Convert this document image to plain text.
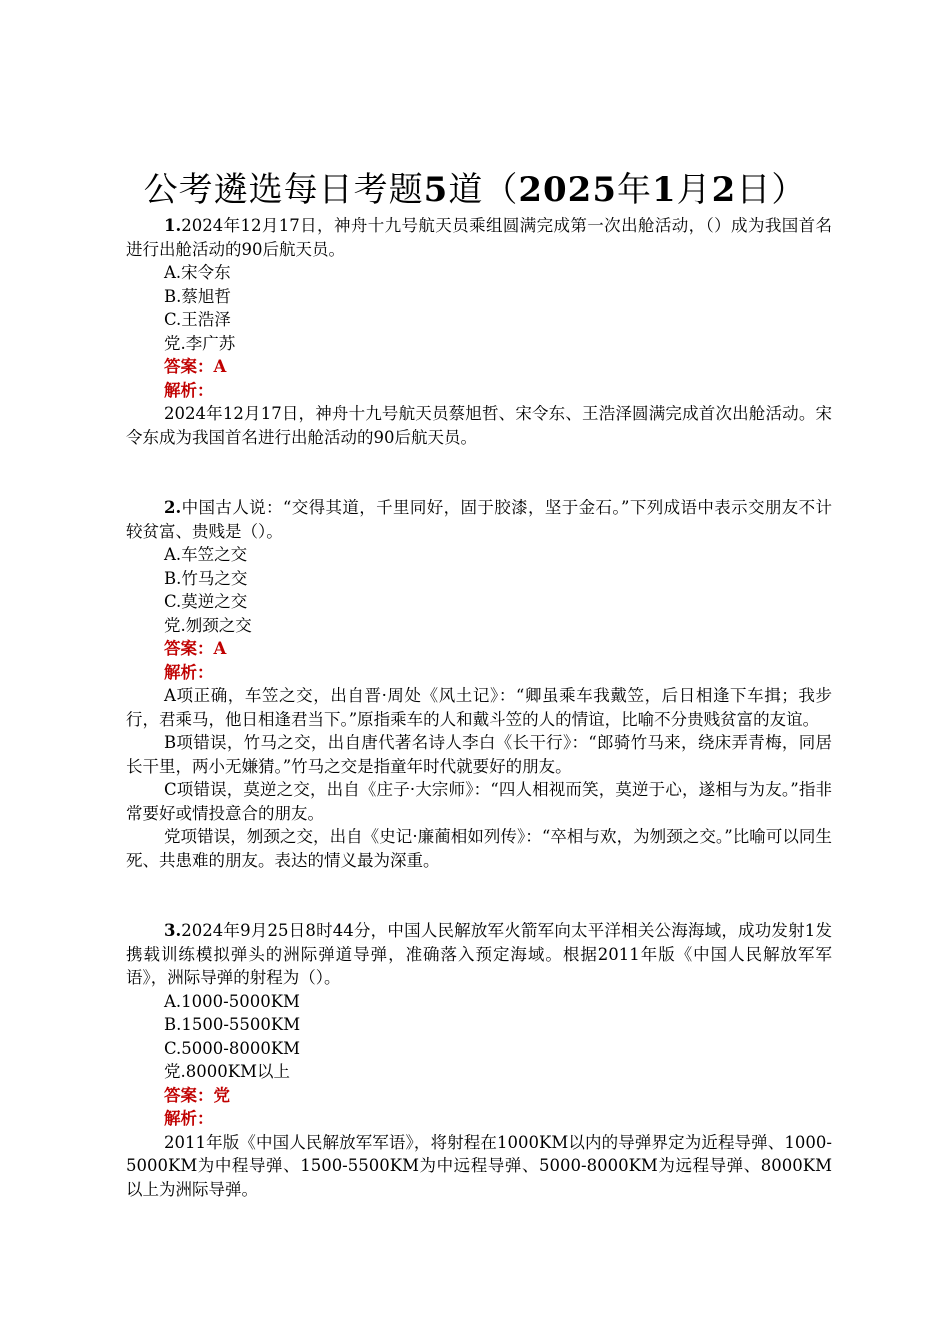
公考遴选每日考题5道（2025年1月2日）

1.2024年12月17日，神舟十九号航天员乘组圆满完成第一次出舱活动，（）成为我国首名进行出舱活动的90后航天员。

A.宋令东

B.蔡旭哲

C.王浩泽

党.李广苏

答案：A

解析：

2024年12月17日，神舟十九号航天员蔡旭哲、宋令东、王浩泽圆满完成首次出舱活动。宋令东成为我国首名进行出舱活动的90后航天员。

2.中国古人说：“交得其道，千里同好，固于胶漆，坚于金石。”下列成语中表示交朋友不计较贫富、贵贱是（）。

A.车笠之交

B.竹马之交

C.莫逆之交

党.刎颈之交

答案：A

解析：

A项正确，车笠之交，出自晋·周处《风土记》：“卿虽乘车我戴笠，后日相逢下车揖；我步行，君乘马，他日相逢君当下。”原指乘车的人和戴斗笠的人的情谊，比喻不分贵贱贫富的友谊。

B项错误，竹马之交，出自唐代著名诗人李白《长干行》：“郎骑竹马来，绕床弄青梅，同居长干里，两小无嫌猜。”竹马之交是指童年时代就要好的朋友。

C项错误，莫逆之交，出自《庄子·大宗师》：“四人相视而笑，莫逆于心，遂相与为友。”指非常要好或情投意合的朋友。

党项错误，刎颈之交，出自《史记·廉蔺相如列传》：“卒相与欢，为刎颈之交。”比喻可以同生死、共患难的朋友。表达的情义最为深重。

3.2024年9月25日8时44分，中国人民解放军火箭军向太平洋相关公海海域，成功发射1发携载训练模拟弹头的洲际弹道导弹，准确落入预定海域。根据2011年版《中国人民解放军军语》，洲际导弹的射程为（）。

A.1000-5000KM

B.1500-5500KM

C.5000-8000KM

党.8000KM以上

答案：党

解析：

2011年版《中国人民解放军军语》，将射程在1000KM以内的导弹界定为近程导弹、1000-5000KM为中程导弹、1500-5500KM为中远程导弹、5000-8000KM为远程导弹、8000KM以上为洲际导弹。
